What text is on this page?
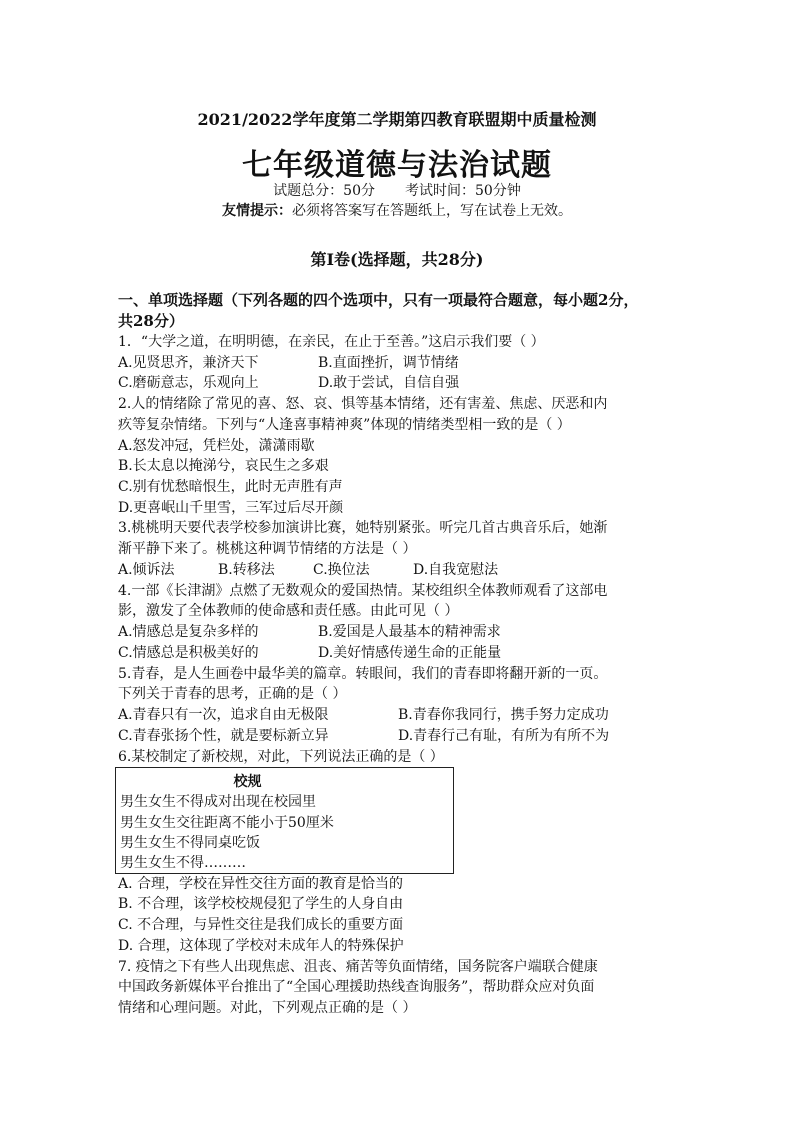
2021/2022学年度第二学期第四教育联盟期中质量检测
七年级道德与法治试题
试题总分：50分 考试时间：50分钟
友情提示：必须将答案写在答题纸上，写在试卷上无效。
第Ⅰ卷(选择题，共28分)
一、单项选择题（下列各题的四个选项中，只有一项最符合题意，每小题2分，
共28分）
1．“大学之道，在明明德，在亲民，在止于至善。”这启示我们要（ ）
A.见贤思齐，兼济天下	B.直面挫折，调节情绪
C.磨砺意志，乐观向上	D.敢于尝试，自信自强
2.人的情绪除了常见的喜、怒、哀、惧等基本情绪，还有害羞、焦虑、厌恶和内
疚等复杂情绪。下列与“人逢喜事精神爽”体现的情绪类型相一致的是（ ）
A.怒发冲冠，凭栏处，潇潇雨歇
B.长太息以掩涕兮，哀民生之多艰
C.别有忧愁暗恨生，此时无声胜有声
D.更喜岷山千里雪，三军过后尽开颜
3.桃桃明天要代表学校参加演讲比赛，她特别紧张。听完几首古典音乐后，她渐
渐平静下来了。桃桃这种调节情绪的方法是（ ）
A.倾诉法	B.转移法	C.换位法	D.自我宽慰法
4.一部《长津湖》点燃了无数观众的爱国热情。某校组织全体教师观看了这部电
影，激发了全体教师的使命感和责任感。由此可见（ ）
A.情感总是复杂多样的	B.爱国是人最基本的精神需求
C.情感总是积极美好的	D.美好情感传递生命的正能量
5.青春，是人生画卷中最华美的篇章。转眼间，我们的青春即将翻开新的一页。
下列关于青春的思考，正确的是（ ）
A.青春只有一次，追求自由无极限	B.青春你我同行，携手努力定成功
C.青春张扬个性，就是要标新立异	D.青春行己有耻，有所为有所不为
6.某校制定了新校规，对此，下列说法正确的是（ ）
校规
男生女生不得成对出现在校园里
男生女生交往距离不能小于50厘米
男生女生不得同桌吃饭
男生女生不得………
A. 合理，学校在异性交往方面的教育是恰当的
B. 不合理，该学校校规侵犯了学生的人身自由
C. 不合理，与异性交往是我们成长的重要方面
D. 合理，这体现了学校对未成年人的特殊保护
7. 疫情之下有些人出现焦虑、沮丧、痛苦等负面情绪，国务院客户端联合健康
中国政务新媒体平台推出了“全国心理援助热线查询服务”，帮助群众应对负面
情绪和心理问题。对此，下列观点正确的是（ ）
